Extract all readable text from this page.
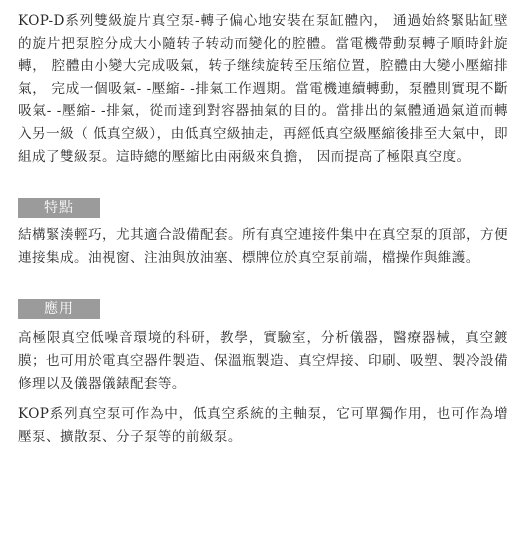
KOP-D系列雙級旋片真空泵-轉子偏心地安裝在泵缸體內， 通過始終緊貼缸壁的旋片把泵腔分成大小隨转子转动而變化的腔體。當電機帶動泵轉子順時針旋轉， 腔體由小變大完成吸氣，转子继续旋转至压缩位置，腔體由大變小壓縮排氣， 完成一個吸氣- -壓縮- -排氣工作週期。當電機連續轉動，泵體則實現不斷吸氣- -壓縮- -排氣，從而達到對容器抽氣的目的。當排出的氣體通過氣道而轉入另一級（ 低真空級），由低真空級抽走，再經低真空級壓縮後排至大氣中，即組成了雙級泵。這時總的壓縮比由兩級來負擔， 因而提高了極限真空度。

特點

結構緊湊輕巧，尤其適合設備配套。所有真空連接件集中在真空泵的頂部，方便連接集成。油視窗、注油與放油塞、標牌位於真空泵前端，檔操作與維護。

應用

高極限真空低噪音環境的科研，教學，實驗室，分析儀器，醫療器械，真空鍍膜；也可用於電真空器件製造、保溫瓶製造、真空焊接、印刷、吸塑、製冷設備修理以及儀器儀錶配套等。

KOP系列真空泵可作為中，低真空系統的主軸泵，它可單獨作用，也可作為增壓泵、擴散泵、分子泵等的前級泵。
